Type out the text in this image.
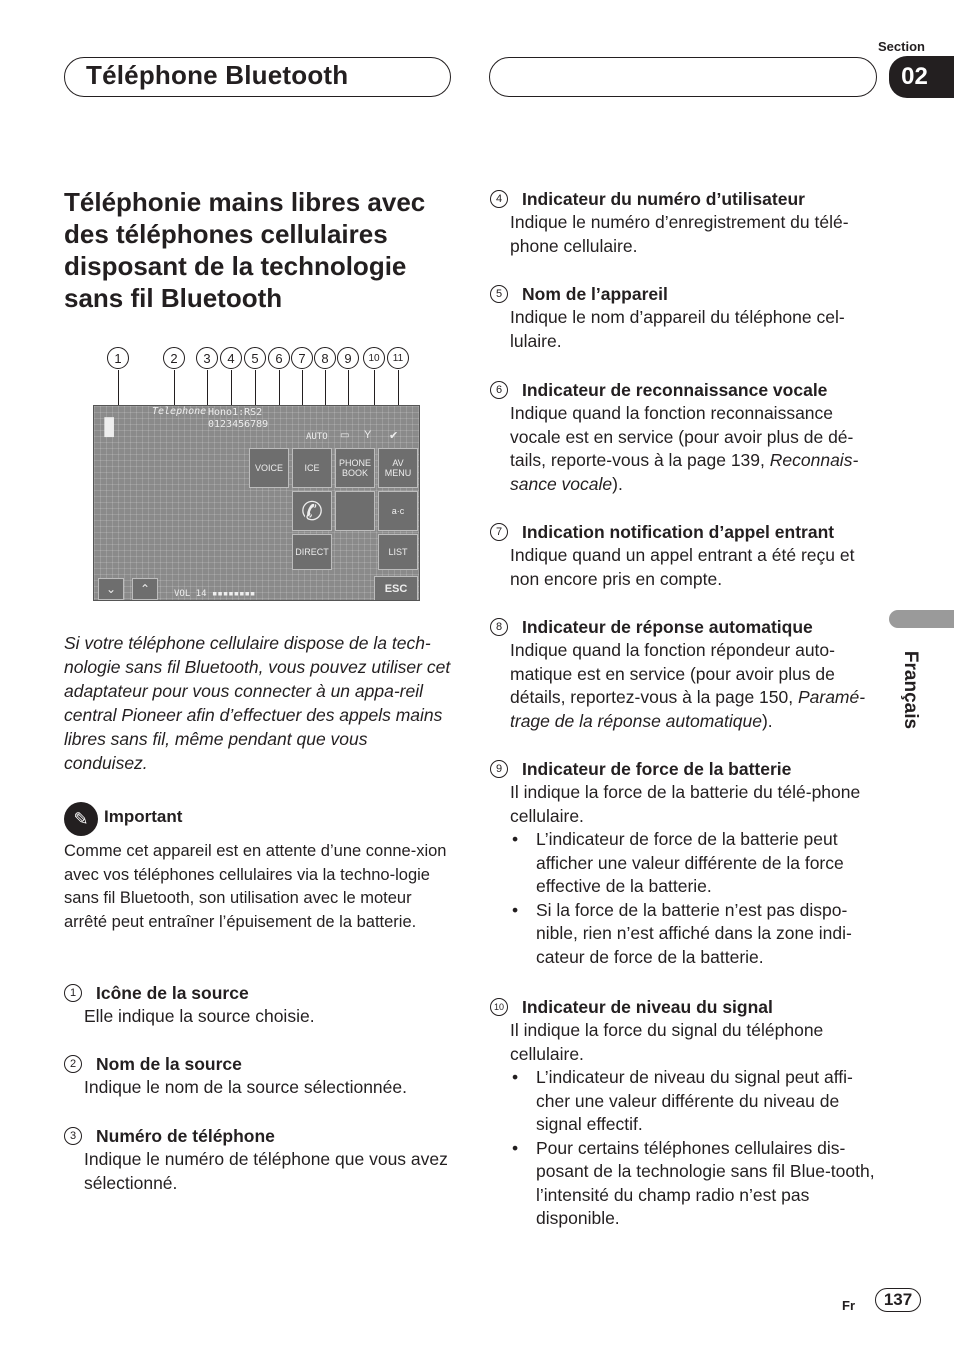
Téléphone Bluetooth
Section
02
Français
Téléphonie mains libres avec des téléphones cellulaires disposant de la technologie sans fil Bluetooth
1	2	3	4	5	6	7	8	9	10	11
▮	Telephone Hono1:RS2
0123456789
AUTO ▭ Y ✔
VOICE	ICE	PHONE BOOK
AV MENU
✆	a·c
DIRECT	LIST
⌄ ⌃	VOL 14 ▪▪▪▪▪▪▪▪	ESC

Si votre téléphone cellulaire dispose de la tech-nologie sans fil Bluetooth, vous pouvez utiliser cet adaptateur pour vous connecter à un appa-reil central Pioneer afin d’effectuer des appels mains libres sans fil, même pendant que vous conduisez.

✎ Important

Comme cet appareil est en attente d’une conne-xion avec vos téléphones cellulaires via la techno-logie sans fil Bluetooth, son utilisation avec le moteur arrêté peut entraîner l’épuisement de la batterie.

1	Icône de la source
Elle indique la source choisie.
2	Nom de la source
Indique le nom de la source sélectionnée.
3	Numéro de téléphone
Indique le numéro de téléphone que vous avez sélectionné.
4	Indicateur du numéro d’utilisateur
Indique le numéro d’enregistrement du télé-phone cellulaire.
5	Nom de l’appareil
Indique le nom d’appareil du téléphone cel-lulaire.
6	Indicateur de reconnaissance vocale
Indique quand la fonction reconnaissance vocale est en service (pour avoir plus de dé-tails, reporte-vous à la page 139, Reconnais-sance vocale).
7	Indication notification d’appel entrant
Indique quand un appel entrant a été reçu et non encore pris en compte.
8	Indicateur de réponse automatique
Indique quand la fonction répondeur auto-matique est en service (pour avoir plus de détails, reportez-vous à la page 150, Paramé-trage de la réponse automatique).
9	Indicateur de force de la batterie
Il indique la force de la batterie du télé-phone cellulaire.
•	L’indicateur de force de la batterie peut afficher une valeur différente de la force effective de la batterie.
•	Si la force de la batterie n’est pas dispo-nible, rien n’est affiché dans la zone indi-cateur de force de la batterie.
10 Indicateur de niveau du signal
Il indique la force du signal du téléphone cellulaire.
•	L’indicateur de niveau du signal peut affi-cher une valeur différente du niveau de signal effectif.
•	Pour certains téléphones cellulaires dis-posant de la technologie sans fil Blue-tooth, l’intensité du champ radio n’est pas disponible.
Fr	137
